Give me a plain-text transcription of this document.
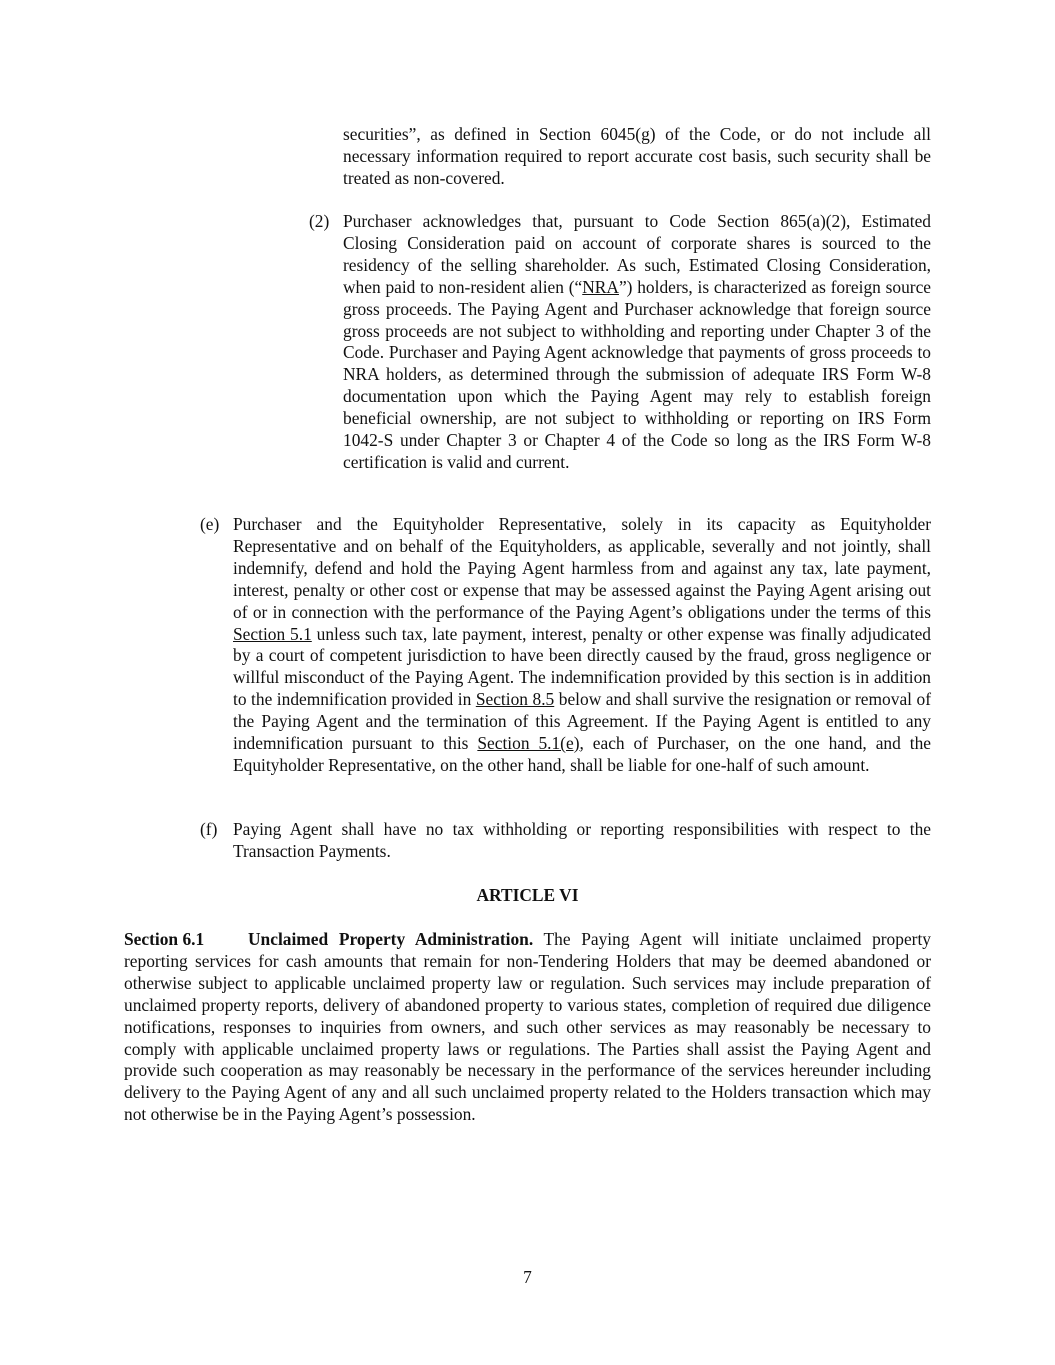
securities”, as defined in Section 6045(g) of the Code, or do not include all necessary information required to report accurate cost basis, such security shall be treated as non-covered.

(2) Purchaser acknowledges that, pursuant to Code Section 865(a)(2), Estimated Closing Consideration paid on account of corporate shares is sourced to the residency of the selling shareholder. As such, Estimated Closing Consideration, when paid to non-resident alien (“NRA”) holders, is characterized as foreign source gross proceeds. The Paying Agent and Purchaser acknowledge that foreign source gross proceeds are not subject to withholding and reporting under Chapter 3 of the Code. Purchaser and Paying Agent acknowledge that payments of gross proceeds to NRA holders, as determined through the submission of adequate IRS Form W-8 documentation upon which the Paying Agent may rely to establish foreign beneficial ownership, are not subject to withholding or reporting on IRS Form 1042-S under Chapter 3 or Chapter 4 of the Code so long as the IRS Form W-8 certification is valid and current.

(e) Purchaser and the Equityholder Representative, solely in its capacity as Equityholder Representative and on behalf of the Equityholders, as applicable, severally and not jointly, shall indemnify, defend and hold the Paying Agent harmless from and against any tax, late payment, interest, penalty or other cost or expense that may be assessed against the Paying Agent arising out of or in connection with the performance of the Paying Agent’s obligations under the terms of this Section 5.1 unless such tax, late payment, interest, penalty or other expense was finally adjudicated by a court of competent jurisdiction to have been directly caused by the fraud, gross negligence or willful misconduct of the Paying Agent. The indemnification provided by this section is in addition to the indemnification provided in Section 8.5 below and shall survive the resignation or removal of the Paying Agent and the termination of this Agreement. If the Paying Agent is entitled to any indemnification pursuant to this Section 5.1(e), each of Purchaser, on the one hand, and the Equityholder Representative, on the other hand, shall be liable for one-half of such amount.

(f) Paying Agent shall have no tax withholding or reporting responsibilities with respect to the Transaction Payments.

ARTICLE VI

Section 6.1	Unclaimed Property Administration. The Paying Agent will initiate unclaimed property reporting services for cash amounts that remain for non-Tendering Holders that may be deemed abandoned or otherwise subject to applicable unclaimed property law or regulation. Such services may include preparation of unclaimed property reports, delivery of abandoned property to various states, completion of required due diligence notifications, responses to inquiries from owners, and such other services as may reasonably be necessary to comply with applicable unclaimed property laws or regulations. The Parties shall assist the Paying Agent and provide such cooperation as may reasonably be necessary in the performance of the services hereunder including delivery to the Paying Agent of any and all such unclaimed property related to the Holders transaction which may not otherwise be in the Paying Agent’s possession.

7
